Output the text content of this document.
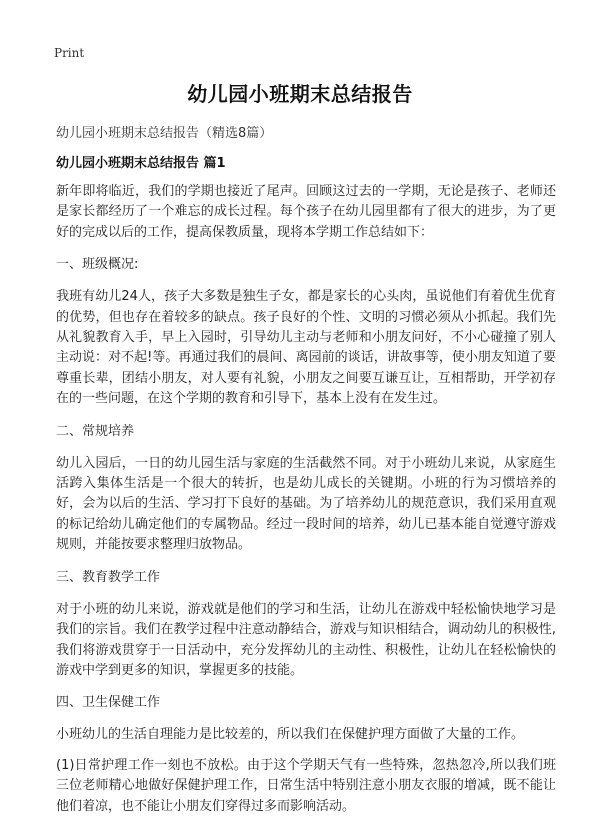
Print
幼儿园小班期末总结报告
幼儿园小班期末总结报告（精选8篇）
幼儿园小班期末总结报告 篇1

新年即将临近，我们的学期也接近了尾声。回顾这过去的一学期，无论是孩子、老师还是家长都经历了一个难忘的成长过程。每个孩子在幼儿园里都有了很大的进步，为了更好的完成以后的工作，提高保教质量，现将本学期工作总结如下：

一、班级概况:

我班有幼儿24人，孩子大多数是独生子女，都是家长的心头肉，虽说他们有着优生优育的优势，但也存在着较多的缺点。孩子良好的个性、文明的习惯必须从小抓起。我们先从礼貌教育入手，早上入园时，引导幼儿主动与老师和小朋友问好，不小心碰撞了别人主动说：对不起!等。再通过我们的晨间、离园前的谈话，讲故事等，使小朋友知道了要尊重长辈，团结小朋友，对人要有礼貌，小朋友之间要互谦互让，互相帮助，开学初存在的一些问题，在这个学期的教育和引导下，基本上没有在发生过。

二、常规培养

幼儿入园后，一日的幼儿园生活与家庭的生活截然不同。对于小班幼儿来说，从家庭生活跨入集体生活是一个很大的转折，也是幼儿成长的关键期。小班的行为习惯培养的好，会为以后的生活、学习打下良好的基础。为了培养幼儿的规范意识，我们采用直观的标记给幼儿确定他们的专属物品。经过一段时间的培养，幼儿已基本能自觉遵守游戏规则，并能按要求整理归放物品。

三、教育教学工作

对于小班的幼儿来说，游戏就是他们的学习和生活，让幼儿在游戏中轻松愉快地学习是我们的宗旨。我们在教学过程中注意动静结合，游戏与知识相结合，调动幼儿的积极性,我们将游戏贯穿于一日活动中，充分发挥幼儿的主动性、积极性，让幼儿在轻松愉快的游戏中学到更多的知识，掌握更多的技能。

四、卫生保健工作

小班幼儿的生活自理能力是比较差的，所以我们在保健护理方面做了大量的工作。

(1)日常护理工作一刻也不放松。由于这个学期天气有一些特殊，忽热忽冷,所以我们班三位老师精心地做好保健护理工作，日常生活中特别注意小朋友衣服的增减，既不能让他们着凉，也不能让小朋友们穿得过多而影响活动。
